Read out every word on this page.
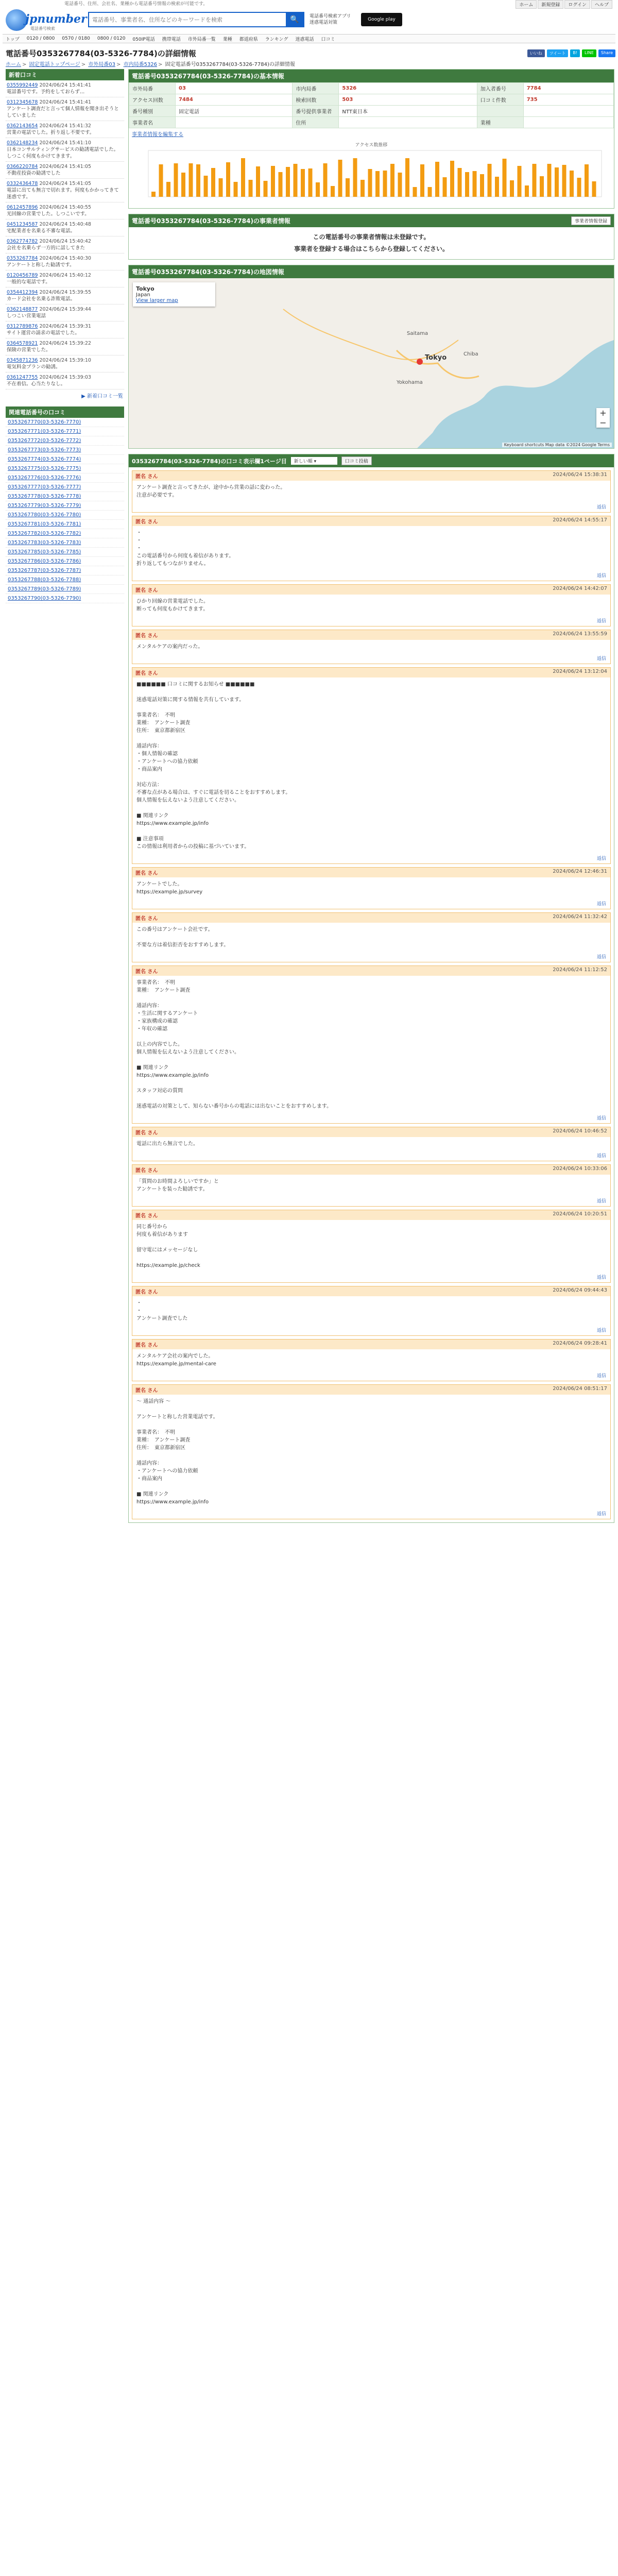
電話番号、住所、会社名、業種から電話番号情報の検索が可能です。	ホーム	新規登録	ログイン	ヘルプ
jpnumber
電話番号検索
電話番号、事業者名、住所などのキーワードを検索
🔍 電話番号検索アプリ 迷惑電話対策
Google play
トップ 0120 / 0800 0570 / 0180 0800 / 0120 050IP電話 携帯電話 市外局番一覧 業種 都道府県 ランキング 迷惑電話 口コミ
電話番号0353267784(03-5326-7784)の詳細情報	いいね	ツイート	B!	LINE	Share
ホーム > 固定電話トップページ > 市外局番03 > 市内局番5326 > 固定電話番号0353267784(03-5326-7784)の詳細情報
新着口コミ
0355992449 2024/06/24 15:41:41
電話番号です。予約をしておらず…
0312345678 2024/06/24 15:41:41
アンケート調査だと言って個人情報を聞き出そうとしていました
0362143654 2024/06/24 15:41:32
営業の電話でした。折り返し不要です。
0362148234 2024/06/24 15:41:10
日本コンサルティングサービスの勧誘電話でした。しつこく何度もかけてきます。
0366220784 2024/06/24 15:41:05
不動産投資の勧誘でした
0332436478 2024/06/24 15:41:05
電話に出ても無言で切れます。何度もかかってきて迷惑です。
0612457896 2024/06/24 15:40:55
光回線の営業でした。しつこいです。
0451234587 2024/06/24 15:40:48
宅配業者を名乗る不審な電話。
0362774782 2024/06/24 15:40:42
会社を名乗らず一方的に話してきた
0353267784 2024/06/24 15:40:30
アンケートと称した勧誘です。
0120456789 2024/06/24 15:40:12
一般的な電話です。
0354412394 2024/06/24 15:39:55
カード会社を名乗る詐欺電話。
0362148877 2024/06/24 15:39:44
しつこい営業電話
0312789876 2024/06/24 15:39:31
サイト運営の請求の電話でした。
0364578921 2024/06/24 15:39:22
保険の営業でした。
0345871236 2024/06/24 15:39:10
電気料金プランの勧誘。
0361247755 2024/06/24 15:39:03
不在着信。心当たりなし。
▶ 新着口コミ一覧
関連電話番号の口コミ
0353267770(03-5326-7770)
0353267771(03-5326-7771)
0353267772(03-5326-7772)
0353267773(03-5326-7773)
0353267774(03-5326-7774)
0353267775(03-5326-7775)
0353267776(03-5326-7776)
0353267777(03-5326-7777)
0353267778(03-5326-7778)
0353267779(03-5326-7779)
0353267780(03-5326-7780)
0353267781(03-5326-7781)
0353267782(03-5326-7782)
0353267783(03-5326-7783)
0353267785(03-5326-7785)
0353267786(03-5326-7786)
0353267787(03-5326-7787)
0353267788(03-5326-7788)
0353267789(03-5326-7789)
0353267790(03-5326-7790)
電話番号0353267784(03-5326-7784)の基本情報
市外局番	03	市内局番	5326	加入者番号	7784
アクセス回数	7484	検索回数	503	口コミ件数	735
番号種別	固定電話	番号提供事業者	NTT東日本		
事業者名		住所		業種	
事業者情報を編集する
アクセス数推移
電話番号0353267784(03-5326-7784)の事業者情報	事業者情報登録
この電話番号の事業者情報は未登録です。
事業者を登録する場合はこちらから登録してください。
電話番号0353267784(03-5326-7784)の地図情報
Tokyo
Yokohama
Chiba
Saitama
Tokyo
Japan
View larger map
+
−
Keyboard shortcuts Map data ©2024 Google Terms
0353267784(03-5326-7784)の口コミ表示欄1ページ目	新しい順 ▾	口コミ投稿
匿名 さん	2024/06/24 15:38:31
アンケート調査と言ってきたが、途中から営業の話に変わった。
注意が必要です。
返信
匿名 さん	2024/06/24 14:55:17
・
・
・
この電話番号から何度も着信があります。
折り返してもつながりません。
返信
匿名 さん	2024/06/24 14:42:07
ひかり回線の営業電話でした。
断っても何度もかけてきます。
返信
匿名 さん	2024/06/24 13:55:59
メンタルケアの案内だった。
返信
匿名 さん	2024/06/24 13:12:04
■■■■■■ 口コミに関するお知らせ ■■■■■■

迷惑電話対策に関する情報を共有しています。

事業者名：　不明
業種：　アンケート調査
住所：　東京都新宿区

通話内容：
・個人情報の確認
・アンケートへの協力依頼
・商品案内

対応方法：
不審な点がある場合は、すぐに電話を切ることをおすすめします。
個人情報を伝えないよう注意してください。

■ 関連リンク
https://www.example.jp/info

■ 注意事項
この情報は利用者からの投稿に基づいています。
返信
匿名 さん	2024/06/24 12:46:31
アンケートでした。
https://example.jp/survey
返信
匿名 さん	2024/06/24 11:32:42
この番号はアンケート会社です。

不要な方は着信拒否をおすすめします。
返信
匿名 さん	2024/06/24 11:12:52
事業者名：　不明
業種：　アンケート調査

通話内容：
・生活に関するアンケート
・家族構成の確認
・年収の確認

以上の内容でした。
個人情報を伝えないよう注意してください。

■ 関連リンク
https://www.example.jp/info

スタッフ対応の質問

迷惑電話の対策として、知らない番号からの電話には出ないことをおすすめします。
返信
匿名 さん	2024/06/24 10:46:52
電話に出たら無言でした。
返信
匿名 さん	2024/06/24 10:33:06
「質問のお時間よろしいですか」と
アンケートを装った勧誘です。
返信
匿名 さん	2024/06/24 10:20:51
同じ番号から
何度も着信があります

留守電にはメッセージなし

https://example.jp/check
返信
匿名 さん	2024/06/24 09:44:43
・
・
アンケート調査でした
返信
匿名 さん	2024/06/24 09:28:41
メンタルケア会社の案内でした。
https://example.jp/mental-care
返信
匿名 さん	2024/06/24 08:51:17
〜 通話内容 〜

アンケートと称した営業電話です。

事業者名：　不明
業種：　アンケート調査
住所：　東京都新宿区

通話内容：
・アンケートへの協力依頼
・商品案内

■ 関連リンク
https://www.example.jp/info
返信
